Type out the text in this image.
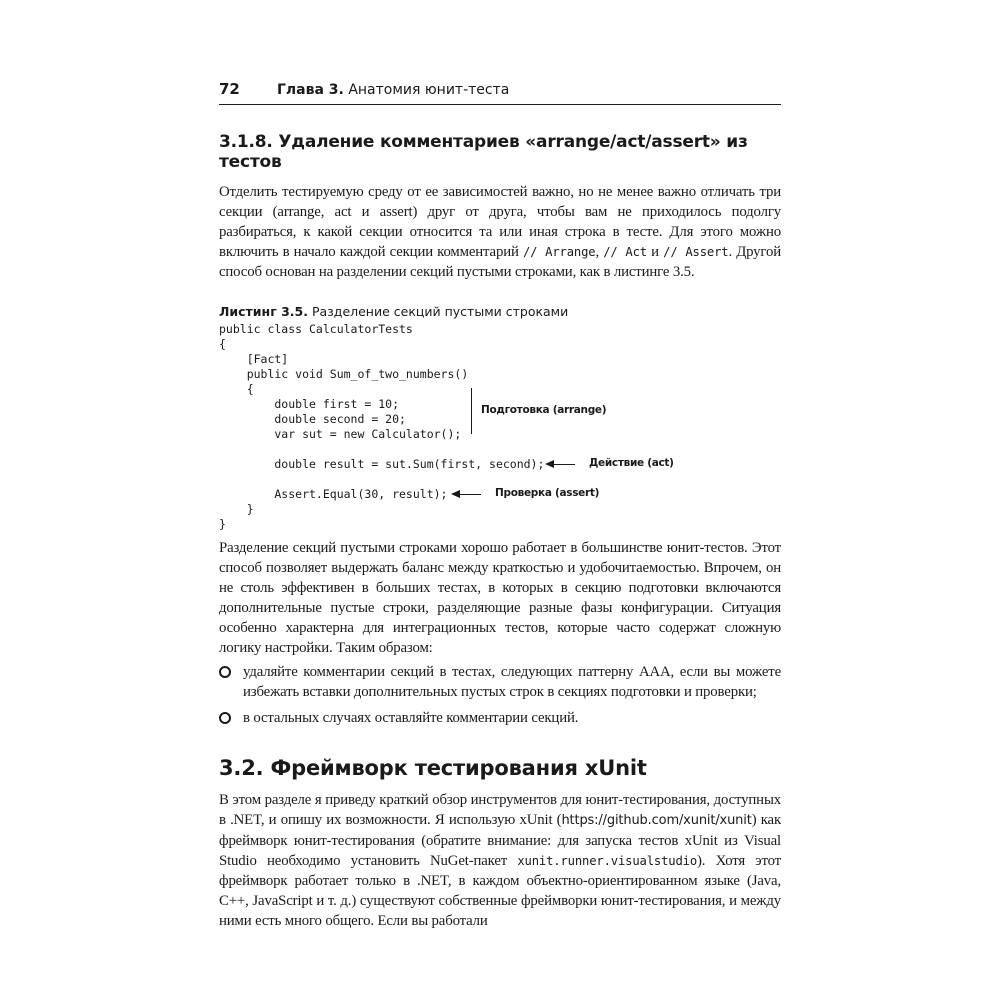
72	Глава 3. Анатомия юнит-теста
3.1.8. Удаление комментариев «arrange/act/assert» из тестов

Отделить тестируемую среду от ее зависимостей важно, но не менее важно отличать три секции (arrange, act и assert) друг от друга, чтобы вам не приходилось подолгу разбираться, к какой секции относится та или иная строка в тесте. Для этого можно включить в начало каждой секции комментарий // Arrange, // Act и // Assert. Другой способ основан на разделении секций пустыми строками, как в листинге 3.5.

Листинг 3.5. Разделение секций пустыми строками
public class CalculatorTests
{
[Fact]
public void Sum_of_two_numbers()
{
double first = 10;
double second = 20;
var sut = new Calculator();
double result = sut.Sum(first, second);
Assert.Equal(30, result);
}
}
Подготовка (arrange)
Действие (act)
Проверка (assert)

Разделение секций пустыми строками хорошо работает в большинстве юнит-тестов. Этот способ позволяет выдержать баланс между краткостью и удобочитаемостью. Впрочем, он не столь эффективен в больших тестах, в которых в секцию подготовки включаются дополнительные пустые строки, разделяющие разные фазы конфигурации. Ситуация особенно характерна для интеграционных тестов, которые часто содержат сложную логику настройки. Таким образом:

удаляйте комментарии секций в тестах, следующих паттерну AAA, если вы можете избежать вставки дополнительных пустых строк в секциях подготовки и проверки;
в остальных случаях оставляйте комментарии секций.
3.2. Фреймворк тестирования xUnit

В этом разделе я приведу краткий обзор инструментов для юнит-тестирования, доступных в .NET, и опишу их возможности. Я использую xUnit (https://github.com/xunit/xunit) как фреймворк юнит-тестирования (обратите внимание: для запуска тестов xUnit из Visual Studio необходимо установить NuGet-пакет xunit.runner.visualstudio). Хотя этот фреймворк работает только в .NET, в каждом объектно-ориентированном языке (Java, C++, JavaScript и т. д.) существуют собственные фреймворки юнит-тестирования, и между ними есть много общего. Если вы работали
